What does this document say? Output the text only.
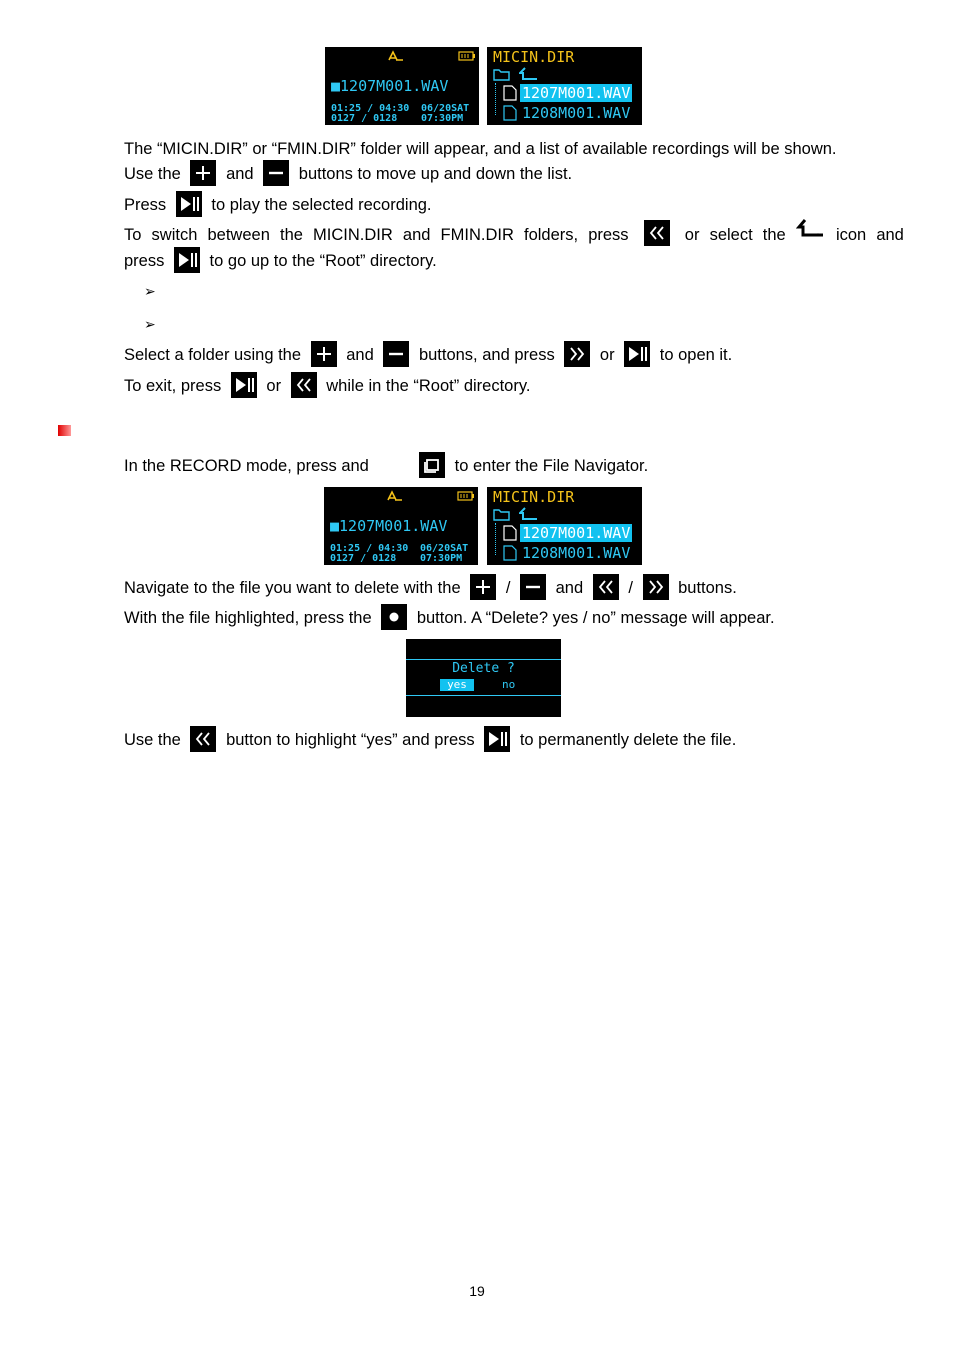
■1207M001.WAV
01:25 / 04:30
0127 / 0128
06/20SAT
07:30PM
MICIN.DIR
1207M001.WAV
1208M001.WAV
The “MICIN.DIR” or “FMIN.DIR” folder will appear, and a list of available recordings will be shown.
Use the	and	buttons to move up and down the list.
Press	to play the selected recording.
To switch between the MICIN.DIR and FMIN.DIR folders, press	or select the	icon and
press	to go up to the “Root” directory.
➢
➢
Select a folder using the	and	buttons, and press	or	to open it.
To exit, press	or	while in the “Root” directory.
In the RECORD mode, press and	to enter the File Navigator.
■1207M001.WAV
01:25 / 04:30
0127 / 0128
06/20SAT
07:30PM
MICIN.DIR
1207M001.WAV
1208M001.WAV
Navigate to the file you want to delete with the	/	and	/	buttons.
With the file highlighted, press the	button. A “Delete? yes / no” message will appear.
Delete ?
yes	no
Use the	button to highlight “yes” and press	to permanently delete the file.
19
